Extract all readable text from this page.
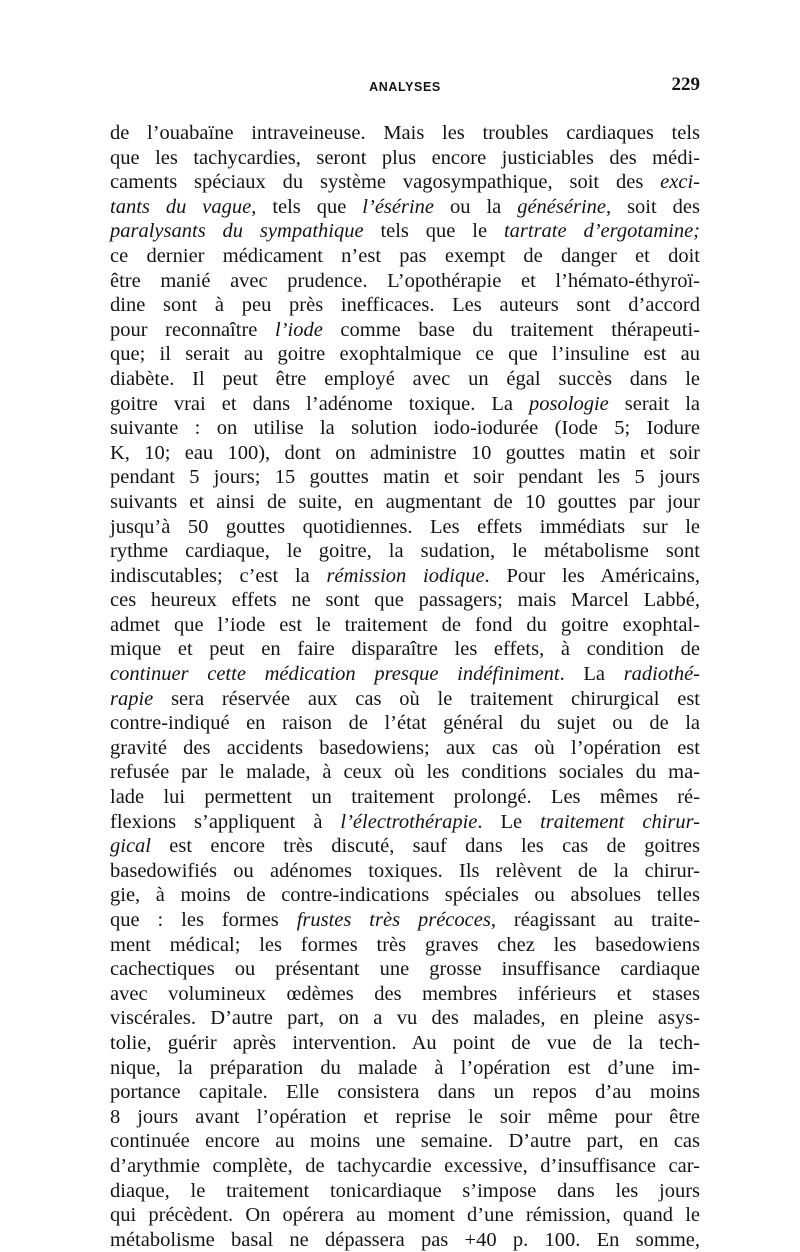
ANALYSES	229
de l’ouabaïne intraveineuse. Mais les troubles cardiaques tels
que les tachycardies, seront plus encore justiciables des médi-
caments spéciaux du système vagosympathique, soit des exci-
tants du vague, tels que l’ésérine ou la génésérine, soit des
paralysants du sympathique tels que le tartrate d’ergotamine;
ce dernier médicament n’est pas exempt de danger et doit
être manié avec prudence. L’opothérapie et l’hémato-éthyroï-
dine sont à peu près inefficaces. Les auteurs sont d’accord
pour reconnaître l’iode comme base du traitement thérapeuti-
que; il serait au goitre exophtalmique ce que l’insuline est au
diabète. Il peut être employé avec un égal succès dans le
goitre vrai et dans l’adénome toxique. La posologie serait la
suivante : on utilise la solution iodo-iodurée (Iode 5; Iodure
K, 10; eau 100), dont on administre 10 gouttes matin et soir
pendant 5 jours; 15 gouttes matin et soir pendant les 5 jours
suivants et ainsi de suite, en augmentant de 10 gouttes par jour
jusqu’à 50 gouttes quotidiennes. Les effets immédiats sur le
rythme cardiaque, le goitre, la sudation, le métabolisme sont
indiscutables; c’est la rémission iodique. Pour les Américains,
ces heureux effets ne sont que passagers; mais Marcel Labbé,
admet que l’iode est le traitement de fond du goitre exophtal-
mique et peut en faire disparaître les effets, à condition de
continuer cette médication presque indéfiniment. La radiothé-
rapie sera réservée aux cas où le traitement chirurgical est
contre-indiqué en raison de l’état général du sujet ou de la
gravité des accidents basedowiens; aux cas où l’opération est
refusée par le malade, à ceux où les conditions sociales du ma-
lade lui permettent un traitement prolongé. Les mêmes ré-
flexions s’appliquent à l’électrothérapie. Le traitement chirur-
gical est encore très discuté, sauf dans les cas de goitres
basedowifiés ou adénomes toxiques. Ils relèvent de la chirur-
gie, à moins de contre-indications spéciales ou absolues telles
que : les formes frustes très précoces, réagissant au traite-
ment médical; les formes très graves chez les basedowiens
cachectiques ou présentant une grosse insuffisance cardiaque
avec volumineux œdèmes des membres inférieurs et stases
viscérales. D’autre part, on a vu des malades, en pleine asys-
tolie, guérir après intervention. Au point de vue de la tech-
nique, la préparation du malade à l’opération est d’une im-
portance capitale. Elle consistera dans un repos d’au moins
8 jours avant l’opération et reprise le soir même pour être
continuée encore au moins une semaine. D’autre part, en cas
d’arythmie complète, de tachycardie excessive, d’insuffisance car-
diaque, le traitement tonicardiaque s’impose dans les jours
qui précèdent. On opérera au moment d’une rémission, quand le
métabolisme basal ne dépassera pas +40 p. 100. En somme,
